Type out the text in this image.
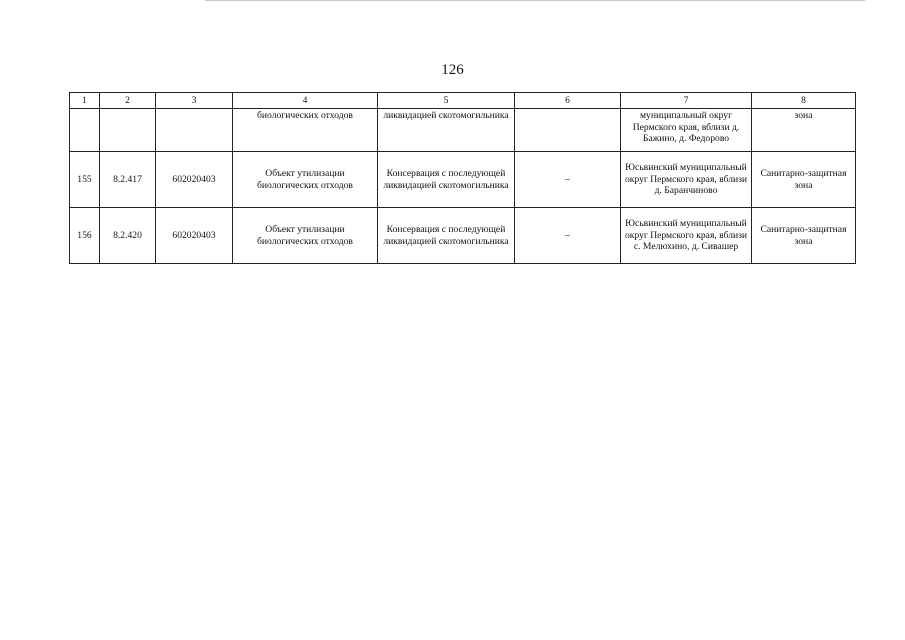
126
1	2	3	4	5	6	7	8
			биологических отходов	ликвидацией скотомогильника		муниципальный округ Пермского края, вблизи д. Бажино, д. Федорово	зона
155	8.2.417	602020403	Объект утилизации биологических отходов	Консервация с последующей ликвидацией скотомогильника	–	Юсьвинский муниципальный округ Пермского края, вблизи д. Баранчиново	Санитарно-защитная зона
156	8.2.420	602020403	Объект утилизации биологических отходов	Консервация с последующей ликвидацией скотомогильника	–	Юсьвинский муниципальный округ Пермского края, вблизи с. Мелюхино, д. Сивашер	Санитарно-защитная зона
